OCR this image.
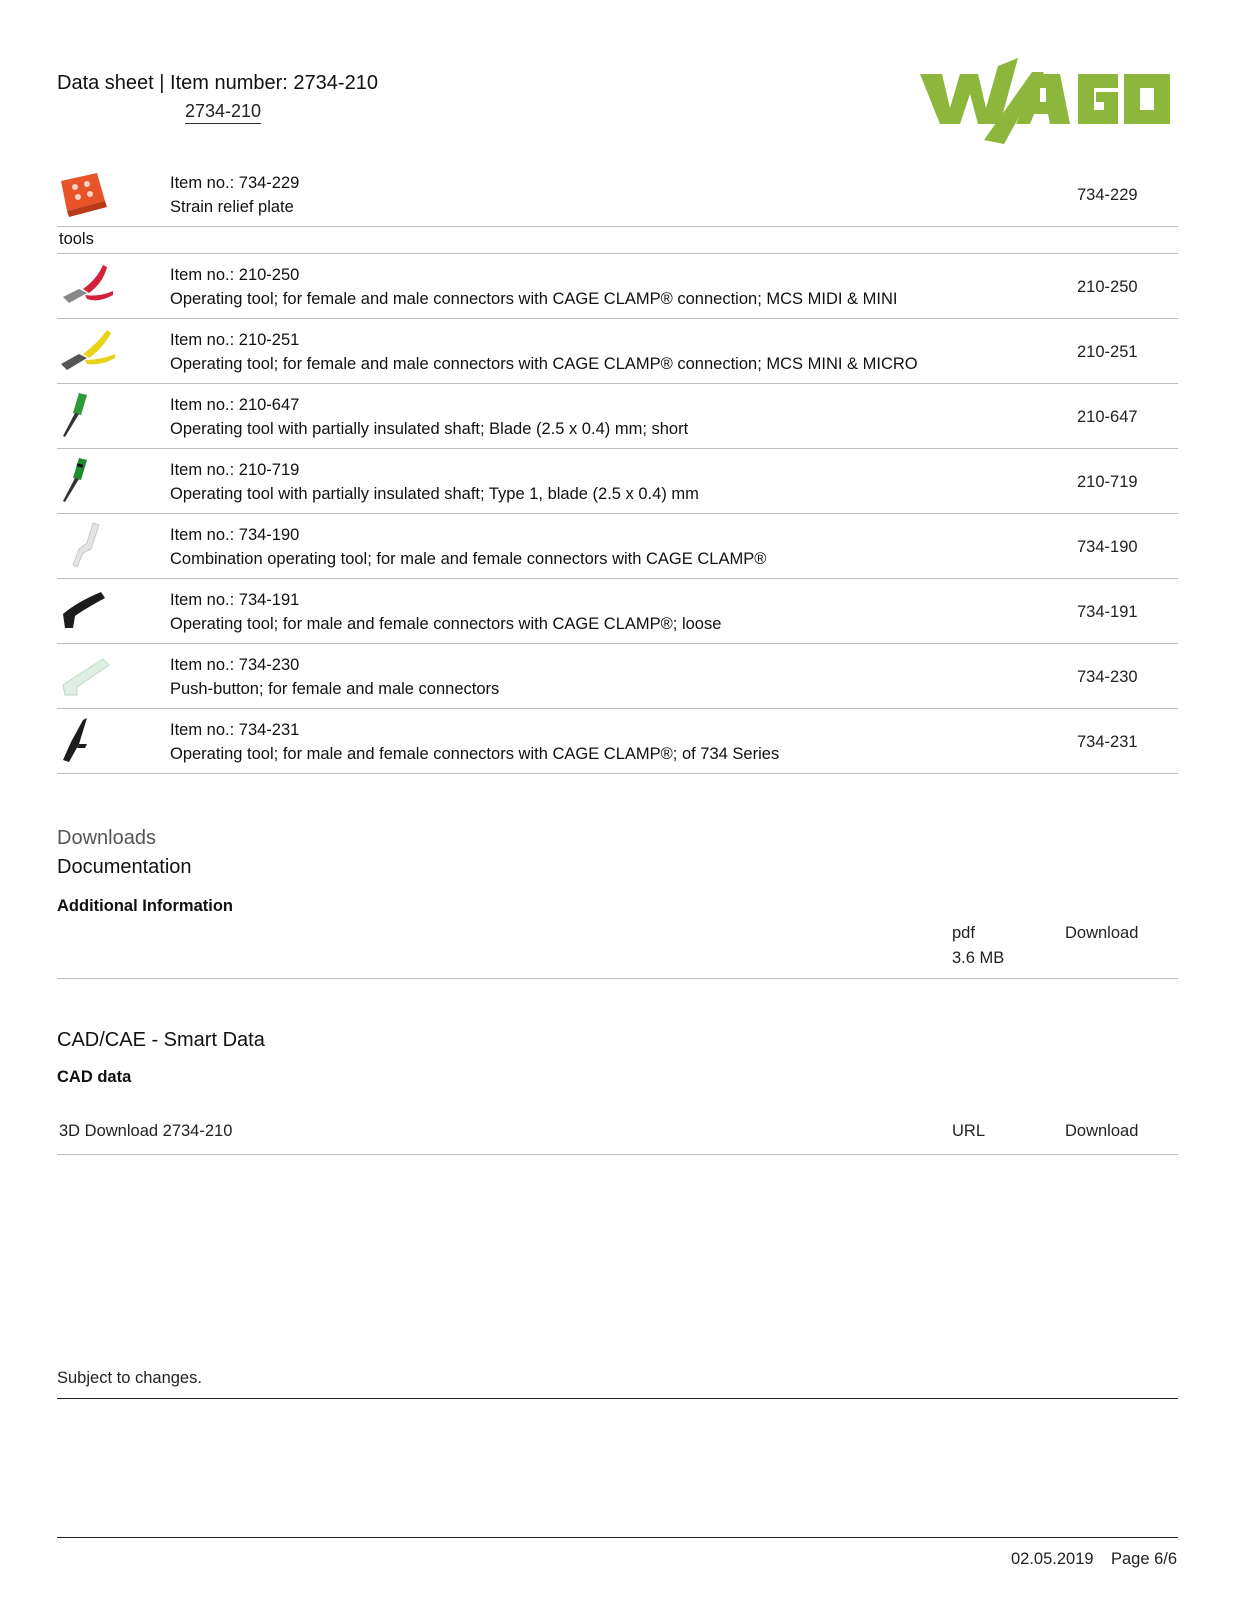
Data sheet | Item number: 2734-210
2734-210
Item no.: 734-229
Strain relief plate
734-229
tools
Item no.: 210-250
Operating tool; for female and male connectors with CAGE CLAMP® connection; MCS MIDI & MINI
210-250
Item no.: 210-251
Operating tool; for female and male connectors with CAGE CLAMP® connection; MCS MINI & MICRO
210-251
Item no.: 210-647
Operating tool with partially insulated shaft; Blade (2.5 x 0.4) mm; short
210-647
Item no.: 210-719
Operating tool with partially insulated shaft; Type 1, blade (2.5 x 0.4) mm
210-719
Item no.: 734-190
Combination operating tool; for male and female connectors with CAGE CLAMP®
734-190
Item no.: 734-191
Operating tool; for male and female connectors with CAGE CLAMP®; loose
734-191
Item no.: 734-230
Push-button; for female and male connectors
734-230
Item no.: 734-231
Operating tool; for male and female connectors with CAGE CLAMP®; of 734 Series
734-231
Downloads
Documentation
Additional Information
pdf
3.6 MB
Download
CAD/CAE - Smart Data
CAD data
3D Download 2734-210	URL	Download
Subject to changes.
02.05.2019 Page 6/6
